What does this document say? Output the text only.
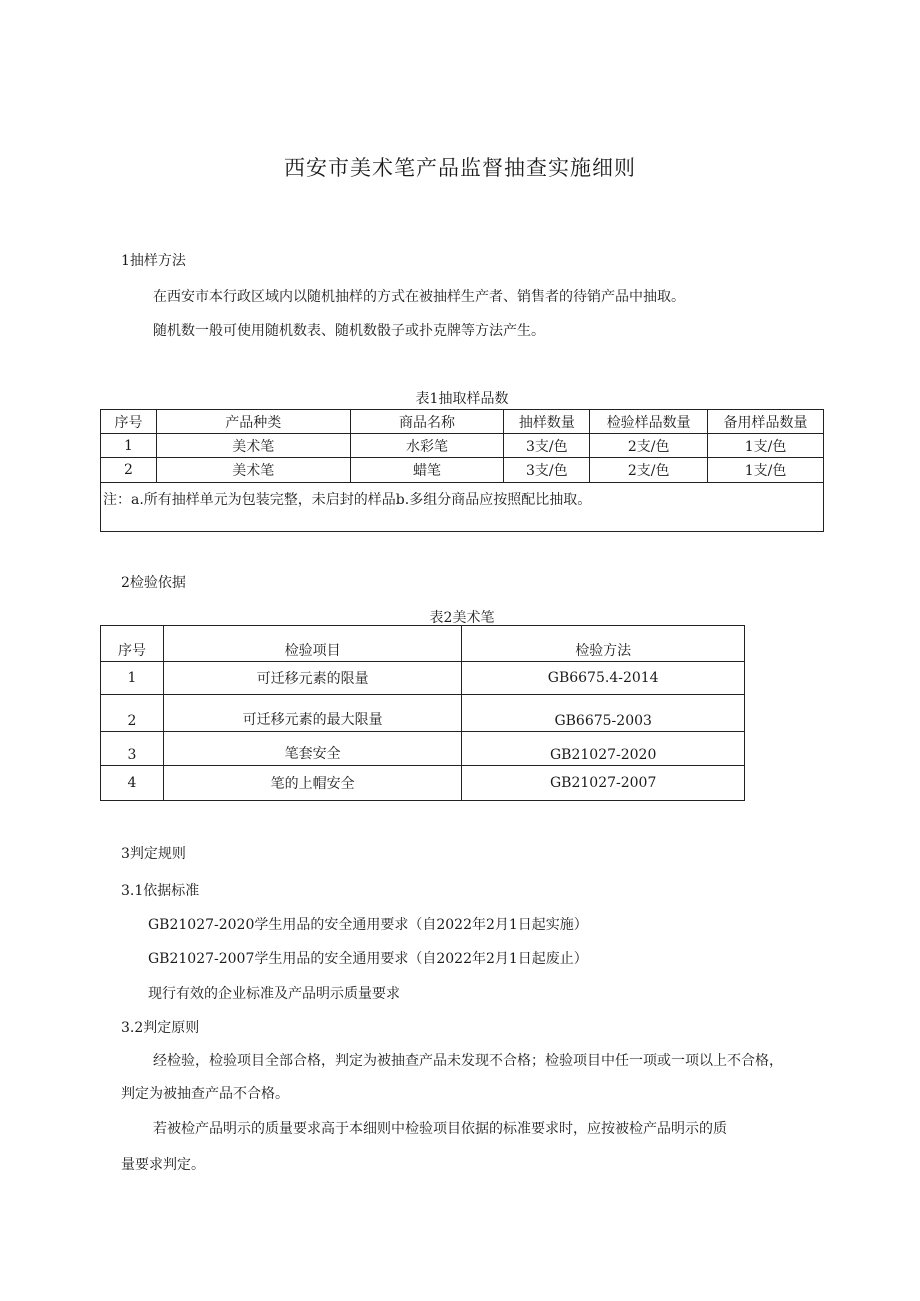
西安市美术笔产品监督抽查实施细则
1抽样方法
在西安市本行政区域内以随机抽样的方式在被抽样生产者、销售者的待销产品中抽取。
随机数一般可使用随机数表、随机数骰子或扑克牌等方法产生。
表1抽取样品数
序号	产品种类	商品名称	抽样数量	检验样品数量	备用样品数量
1	美术笔	水彩笔	3支/色	2支/色	1支/色
2	美术笔	蜡笔	3支/色	2支/色	1支/色
注：a.所有抽样单元为包装完整，未启封的样品b.多组分商品应按照配比抽取。					
2检验依据
表2美术笔
序号	检验项目	检验方法
1	可迁移元素的限量	GB6675.4-2014
2	可迁移元素的最大限量	GB6675-2003
3	笔套安全	GB21027-2020
4	笔的上帽安全	GB21027-2007
3判定规则
3.1依据标准
GB21027-2020学生用品的安全通用要求（自2022年2月1日起实施）
GB21027-2007学生用品的安全通用要求（自2022年2月1日起废止）
现行有效的企业标准及产品明示质量要求
3.2判定原则
经检验，检验项目全部合格，判定为被抽查产品未发现不合格；检验项目中任一项或一项以上不合格，
判定为被抽查产品不合格。
若被检产品明示的质量要求高于本细则中检验项目依据的标准要求时，应按被检产品明示的质
量要求判定。
